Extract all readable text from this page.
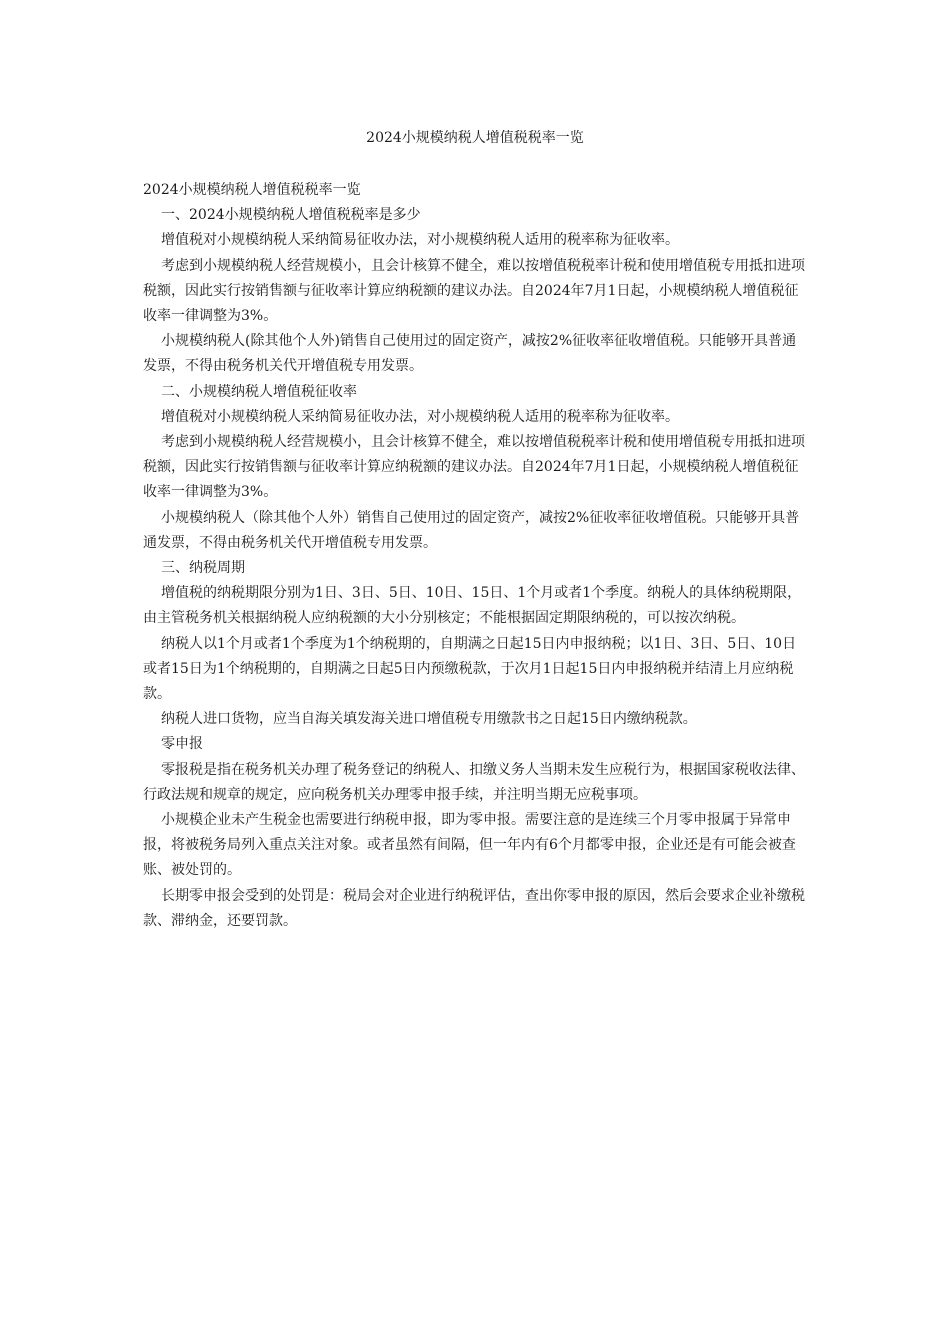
2024小规模纳税人增值税税率一览

2024小规模纳税人增值税税率一览

一、2024小规模纳税人增值税税率是多少

增值税对小规模纳税人采纳简易征收办法，对小规模纳税人适用的税率称为征收率。

考虑到小规模纳税人经营规模小，且会计核算不健全，难以按增值税税率计税和使用增值税专用抵扣进项税额，因此实行按销售额与征收率计算应纳税额的建议办法。自2024年7月1日起，小规模纳税人增值税征收率一律调整为3%。

小规模纳税人(除其他个人外)销售自己使用过的固定资产，减按2%征收率征收增值税。只能够开具普通发票，不得由税务机关代开增值税专用发票。

二、小规模纳税人增值税征收率

增值税对小规模纳税人采纳简易征收办法，对小规模纳税人适用的税率称为征收率。

考虑到小规模纳税人经营规模小，且会计核算不健全，难以按增值税税率计税和使用增值税专用抵扣进项税额，因此实行按销售额与征收率计算应纳税额的建议办法。自2024年7月1日起，小规模纳税人增值税征收率一律调整为3%。

小规模纳税人（除其他个人外）销售自己使用过的固定资产，减按2%征收率征收增值税。只能够开具普通发票，不得由税务机关代开增值税专用发票。

三、纳税周期

增值税的纳税期限分别为1日、3日、5日、10日、15日、1个月或者1个季度。纳税人的具体纳税期限，由主管税务机关根据纳税人应纳税额的大小分别核定；不能根据固定期限纳税的，可以按次纳税。

纳税人以1个月或者1个季度为1个纳税期的，自期满之日起15日内申报纳税；以1日、3日、5日、10日或者15日为1个纳税期的，自期满之日起5日内预缴税款，于次月1日起15日内申报纳税并结清上月应纳税款。

纳税人进口货物，应当自海关填发海关进口增值税专用缴款书之日起15日内缴纳税款。

零申报

零报税是指在税务机关办理了税务登记的纳税人、扣缴义务人当期未发生应税行为，根据国家税收法律、行政法规和规章的规定，应向税务机关办理零申报手续，并注明当期无应税事项。

小规模企业未产生税金也需要进行纳税申报，即为零申报。需要注意的是连续三个月零申报属于异常申报，将被税务局列入重点关注对象。或者虽然有间隔，但一年内有6个月都零申报，企业还是有可能会被查账、被处罚的。

长期零申报会受到的处罚是：税局会对企业进行纳税评估，查出你零申报的原因，然后会要求企业补缴税款、滞纳金，还要罚款。
